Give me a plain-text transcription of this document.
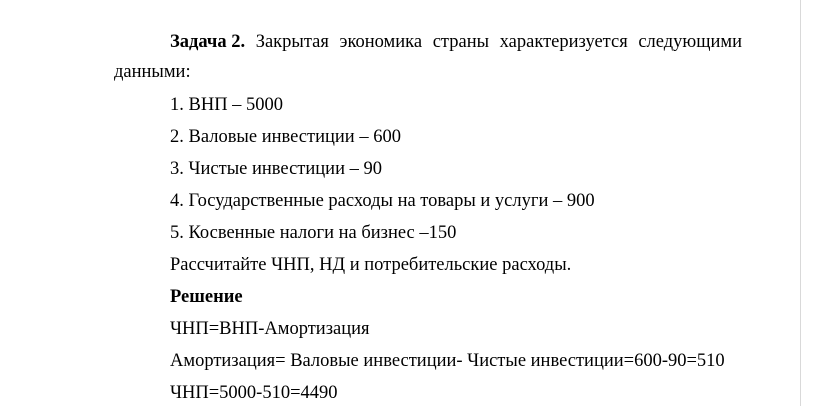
Задача 2. Закрытая экономика страны характеризуется следующими
данными:
1. ВНП – 5000
2. Валовые инвестиции – 600
3. Чистые инвестиции – 90
4. Государственные расходы на товары и услуги – 900
5. Косвенные налоги на бизнес –150
Рассчитайте ЧНП, НД и потребительские расходы.
Решение
ЧНП=ВНП-Амортизация
Амортизация= Валовые инвестиции- Чистые инвестиции=600-90=510
ЧНП=5000-510=4490
